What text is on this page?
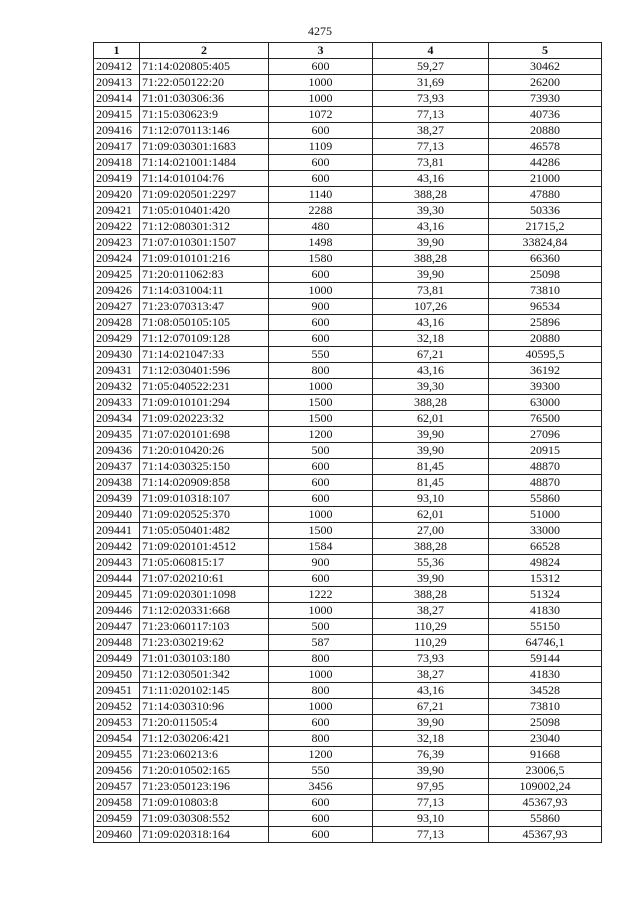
4275
1	2	3	4	5
209412	71:14:020805:405	600	59,27	30462
209413	71:22:050122:20	1000	31,69	26200
209414	71:01:030306:36	1000	73,93	73930
209415	71:15:030623:9	1072	77,13	40736
209416	71:12:070113:146	600	38,27	20880
209417	71:09:030301:1683	1109	77,13	46578
209418	71:14:021001:1484	600	73,81	44286
209419	71:14:010104:76	600	43,16	21000
209420	71:09:020501:2297	1140	388,28	47880
209421	71:05:010401:420	2288	39,30	50336
209422	71:12:080301:312	480	43,16	21715,2
209423	71:07:010301:1507	1498	39,90	33824,84
209424	71:09:010101:216	1580	388,28	66360
209425	71:20:011062:83	600	39,90	25098
209426	71:14:031004:11	1000	73,81	73810
209427	71:23:070313:47	900	107,26	96534
209428	71:08:050105:105	600	43,16	25896
209429	71:12:070109:128	600	32,18	20880
209430	71:14:021047:33	550	67,21	40595,5
209431	71:12:030401:596	800	43,16	36192
209432	71:05:040522:231	1000	39,30	39300
209433	71:09:010101:294	1500	388,28	63000
209434	71:09:020223:32	1500	62,01	76500
209435	71:07:020101:698	1200	39,90	27096
209436	71:20:010420:26	500	39,90	20915
209437	71:14:030325:150	600	81,45	48870
209438	71:14:020909:858	600	81,45	48870
209439	71:09:010318:107	600	93,10	55860
209440	71:09:020525:370	1000	62,01	51000
209441	71:05:050401:482	1500	27,00	33000
209442	71:09:020101:4512	1584	388,28	66528
209443	71:05:060815:17	900	55,36	49824
209444	71:07:020210:61	600	39,90	15312
209445	71:09:020301:1098	1222	388,28	51324
209446	71:12:020331:668	1000	38,27	41830
209447	71:23:060117:103	500	110,29	55150
209448	71:23:030219:62	587	110,29	64746,1
209449	71:01:030103:180	800	73,93	59144
209450	71:12:030501:342	1000	38,27	41830
209451	71:11:020102:145	800	43,16	34528
209452	71:14:030310:96	1000	67,21	73810
209453	71:20:011505:4	600	39,90	25098
209454	71:12:030206:421	800	32,18	23040
209455	71:23:060213:6	1200	76,39	91668
209456	71:20:010502:165	550	39,90	23006,5
209457	71:23:050123:196	3456	97,95	109002,24
209458	71:09:010803:8	600	77,13	45367,93
209459	71:09:030308:552	600	93,10	55860
209460	71:09:020318:164	600	77,13	45367,93
